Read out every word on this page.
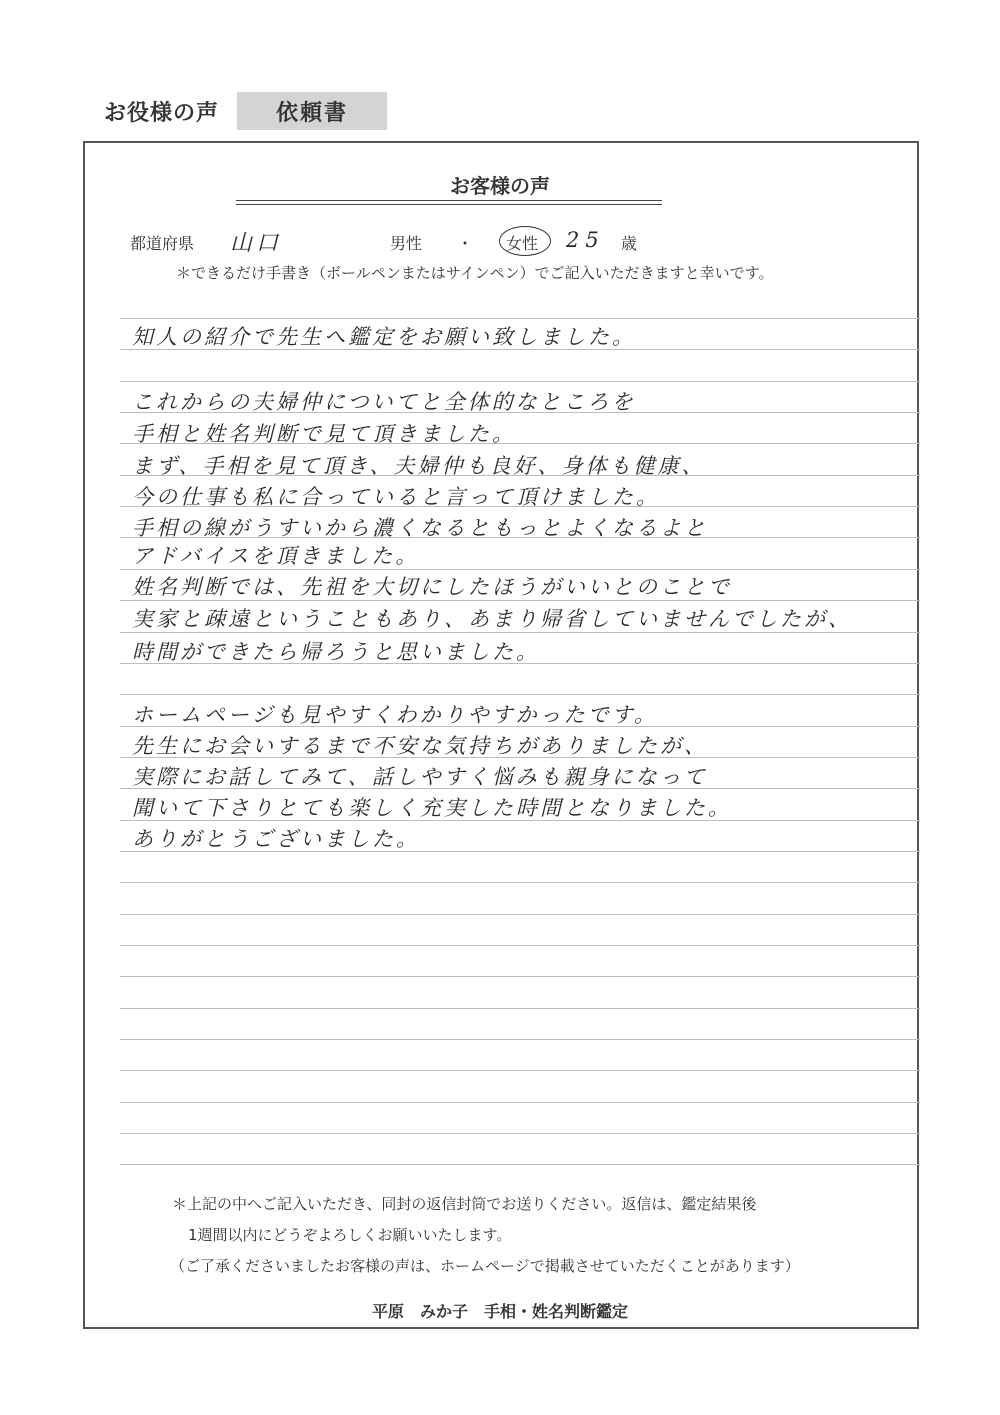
お役様の声	依頼書
お客様の声
都道府県 山口	男性 ・ 女性 25 歳
＊できるだけ手書き（ボールペンまたはサインペン）でご記入いただきますと幸いです。
知人の紹介で先生へ鑑定をお願い致しました。
これからの夫婦仲についてと全体的なところを
手相と姓名判断で見て頂きました。
まず、手相を見て頂き、夫婦仲も良好、身体も健康、
今の仕事も私に合っていると言って頂けました。
手相の線がうすいから濃くなるともっとよくなるよと
アドバイスを頂きました。
姓名判断では、先祖を大切にしたほうがいいとのことで
実家と疎遠ということもあり、あまり帰省していませんでしたが、
時間ができたら帰ろうと思いました。
ホームページも見やすくわかりやすかったです。
先生にお会いするまで不安な気持ちがありましたが、
実際にお話してみて、話しやすく悩みも親身になって
聞いて下さりとても楽しく充実した時間となりました。
ありがとうございました。
＊上記の中へご記入いただき、同封の返信封筒でお送りください。返信は、鑑定結果後
1週間以内にどうぞよろしくお願いいたします。
（ご了承くださいましたお客様の声は、ホームページで掲載させていただくことがあります）
平原　みか子　手相・姓名判断鑑定
